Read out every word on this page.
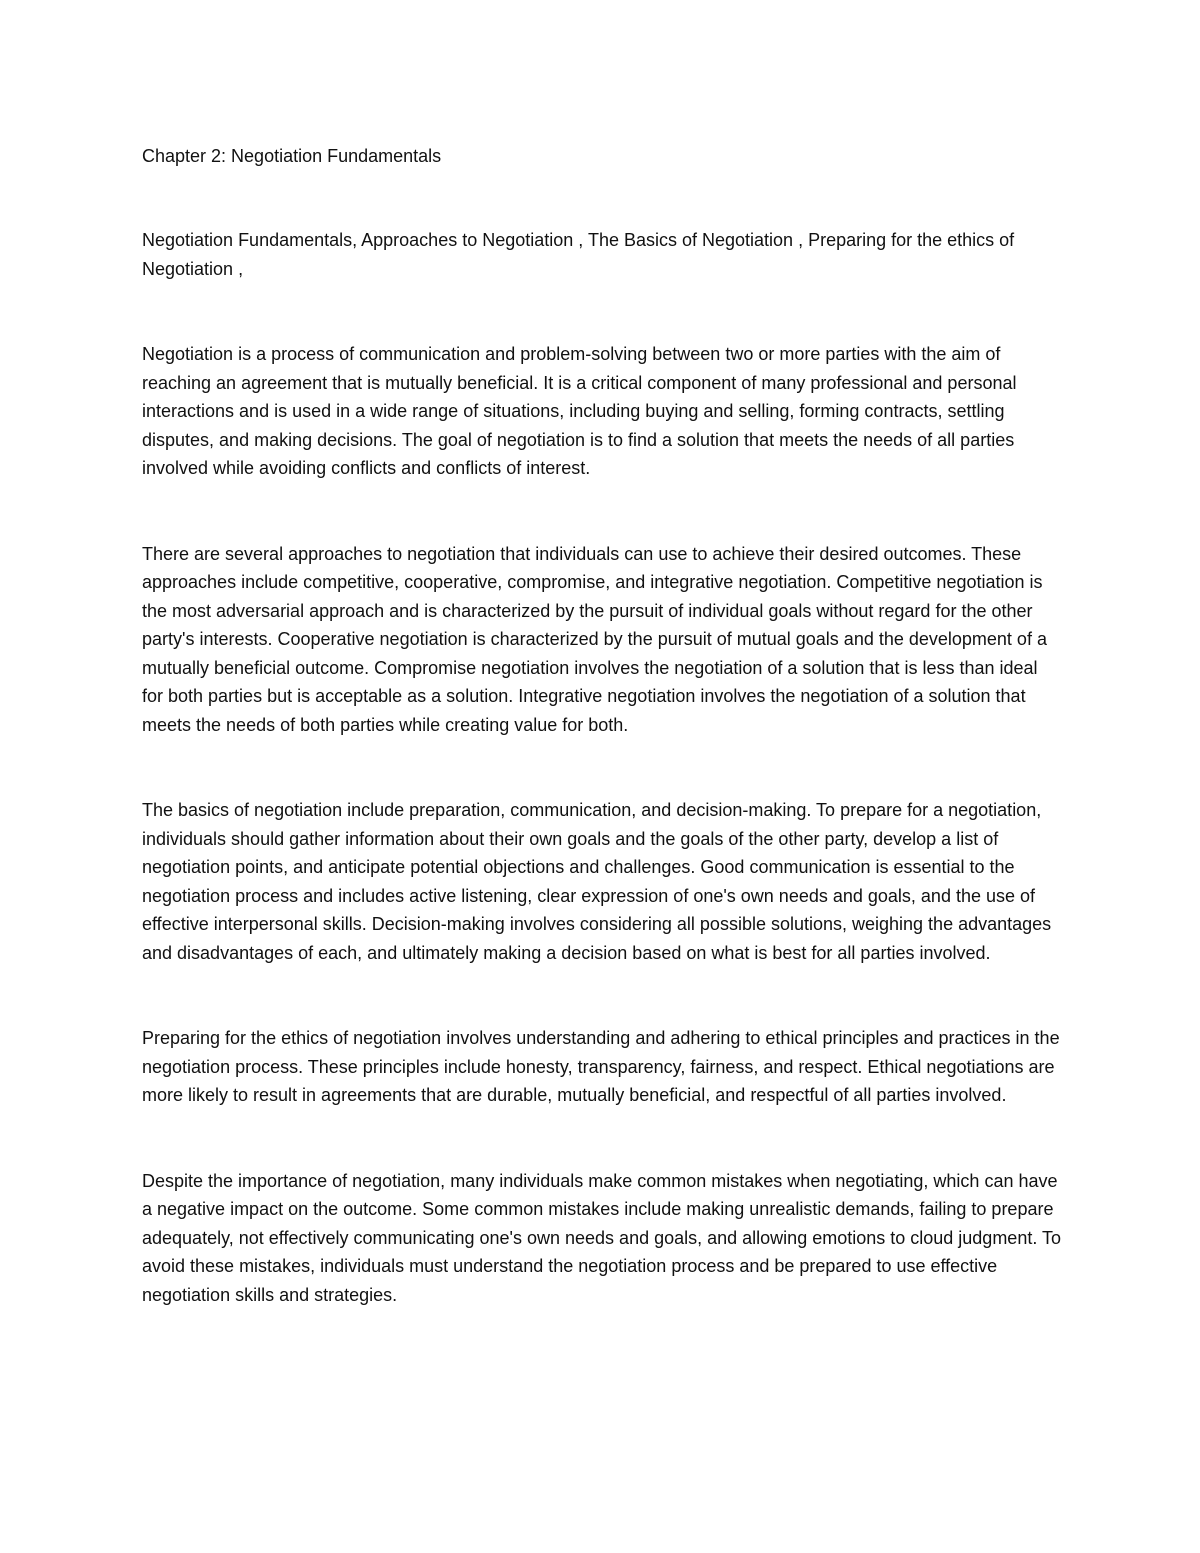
Chapter 2: Negotiation Fundamentals

Negotiation Fundamentals, Approaches to Negotiation , The Basics of Negotiation , Preparing for the ethics of Negotiation ,

Negotiation is a process of communication and problem-solving between two or more parties with the aim of reaching an agreement that is mutually beneficial. It is a critical component of many professional and personal interactions and is used in a wide range of situations, including buying and selling, forming contracts, settling disputes, and making decisions. The goal of negotiation is to find a solution that meets the needs of all parties involved while avoiding conflicts and conflicts of interest.

There are several approaches to negotiation that individuals can use to achieve their desired outcomes. These approaches include competitive, cooperative, compromise, and integrative negotiation. Competitive negotiation is the most adversarial approach and is characterized by the pursuit of individual goals without regard for the other party's interests. Cooperative negotiation is characterized by the pursuit of mutual goals and the development of a mutually beneficial outcome. Compromise negotiation involves the negotiation of a solution that is less than ideal for both parties but is acceptable as a solution. Integrative negotiation involves the negotiation of a solution that meets the needs of both parties while creating value for both.

The basics of negotiation include preparation, communication, and decision-making. To prepare for a negotiation, individuals should gather information about their own goals and the goals of the other party, develop a list of negotiation points, and anticipate potential objections and challenges. Good communication is essential to the negotiation process and includes active listening, clear expression of one's own needs and goals, and the use of effective interpersonal skills. Decision-making involves considering all possible solutions, weighing the advantages and disadvantages of each, and ultimately making a decision based on what is best for all parties involved.

Preparing for the ethics of negotiation involves understanding and adhering to ethical principles and practices in the negotiation process. These principles include honesty, transparency, fairness, and respect. Ethical negotiations are more likely to result in agreements that are durable, mutually beneficial, and respectful of all parties involved.

Despite the importance of negotiation, many individuals make common mistakes when negotiating, which can have a negative impact on the outcome. Some common mistakes include making unrealistic demands, failing to prepare adequately, not effectively communicating one's own needs and goals, and allowing emotions to cloud judgment. To avoid these mistakes, individuals must understand the negotiation process and be prepared to use effective negotiation skills and strategies.
